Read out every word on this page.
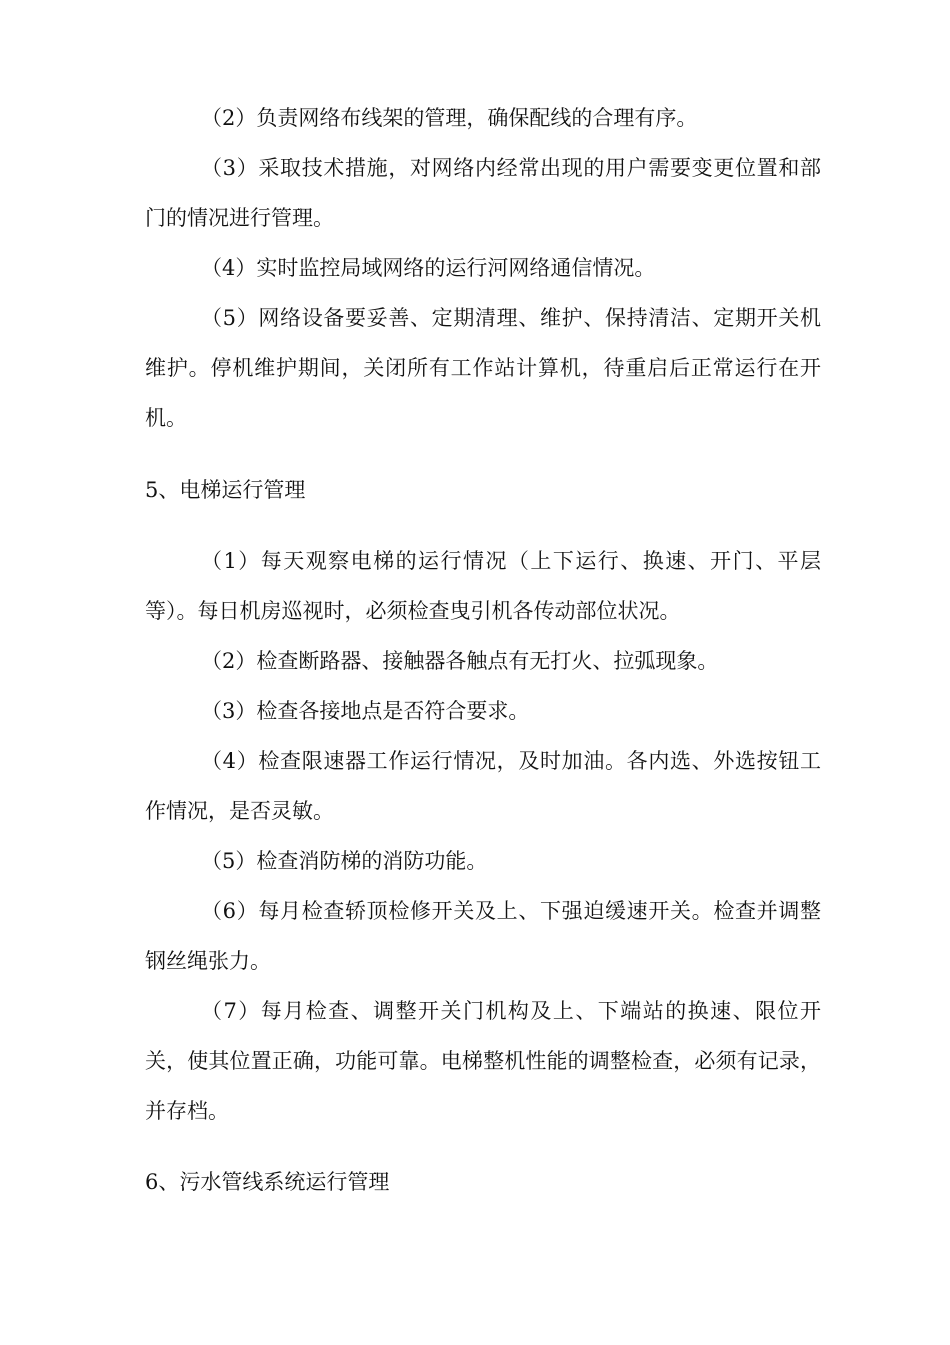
（2）负责网络布线架的管理，确保配线的合理有序。

（3）采取技术措施，对网络内经常出现的用户需要变更位置和部门的情况进行管理。

（4）实时监控局域网络的运行河网络通信情况。

（5）网络设备要妥善、定期清理、维护、保持清洁、定期开关机维护。停机维护期间，关闭所有工作站计算机，待重启后正常运行在开机。

5、电梯运行管理

（1）每天观察电梯的运行情况（上下运行、换速、开门、平层等）。每日机房巡视时，必须检查曳引机各传动部位状况。

（2）检查断路器、接触器各触点有无打火、拉弧现象。

（3）检查各接地点是否符合要求。

（4）检查限速器工作运行情况，及时加油。各内选、外选按钮工作情况，是否灵敏。

（5）检查消防梯的消防功能。

（6）每月检查轿顶检修开关及上、下强迫缓速开关。检查并调整钢丝绳张力。

（7）每月检查、调整开关门机构及上、下端站的换速、限位开关，使其位置正确，功能可靠。电梯整机性能的调整检查，必须有记录，并存档。

6、污水管线系统运行管理
